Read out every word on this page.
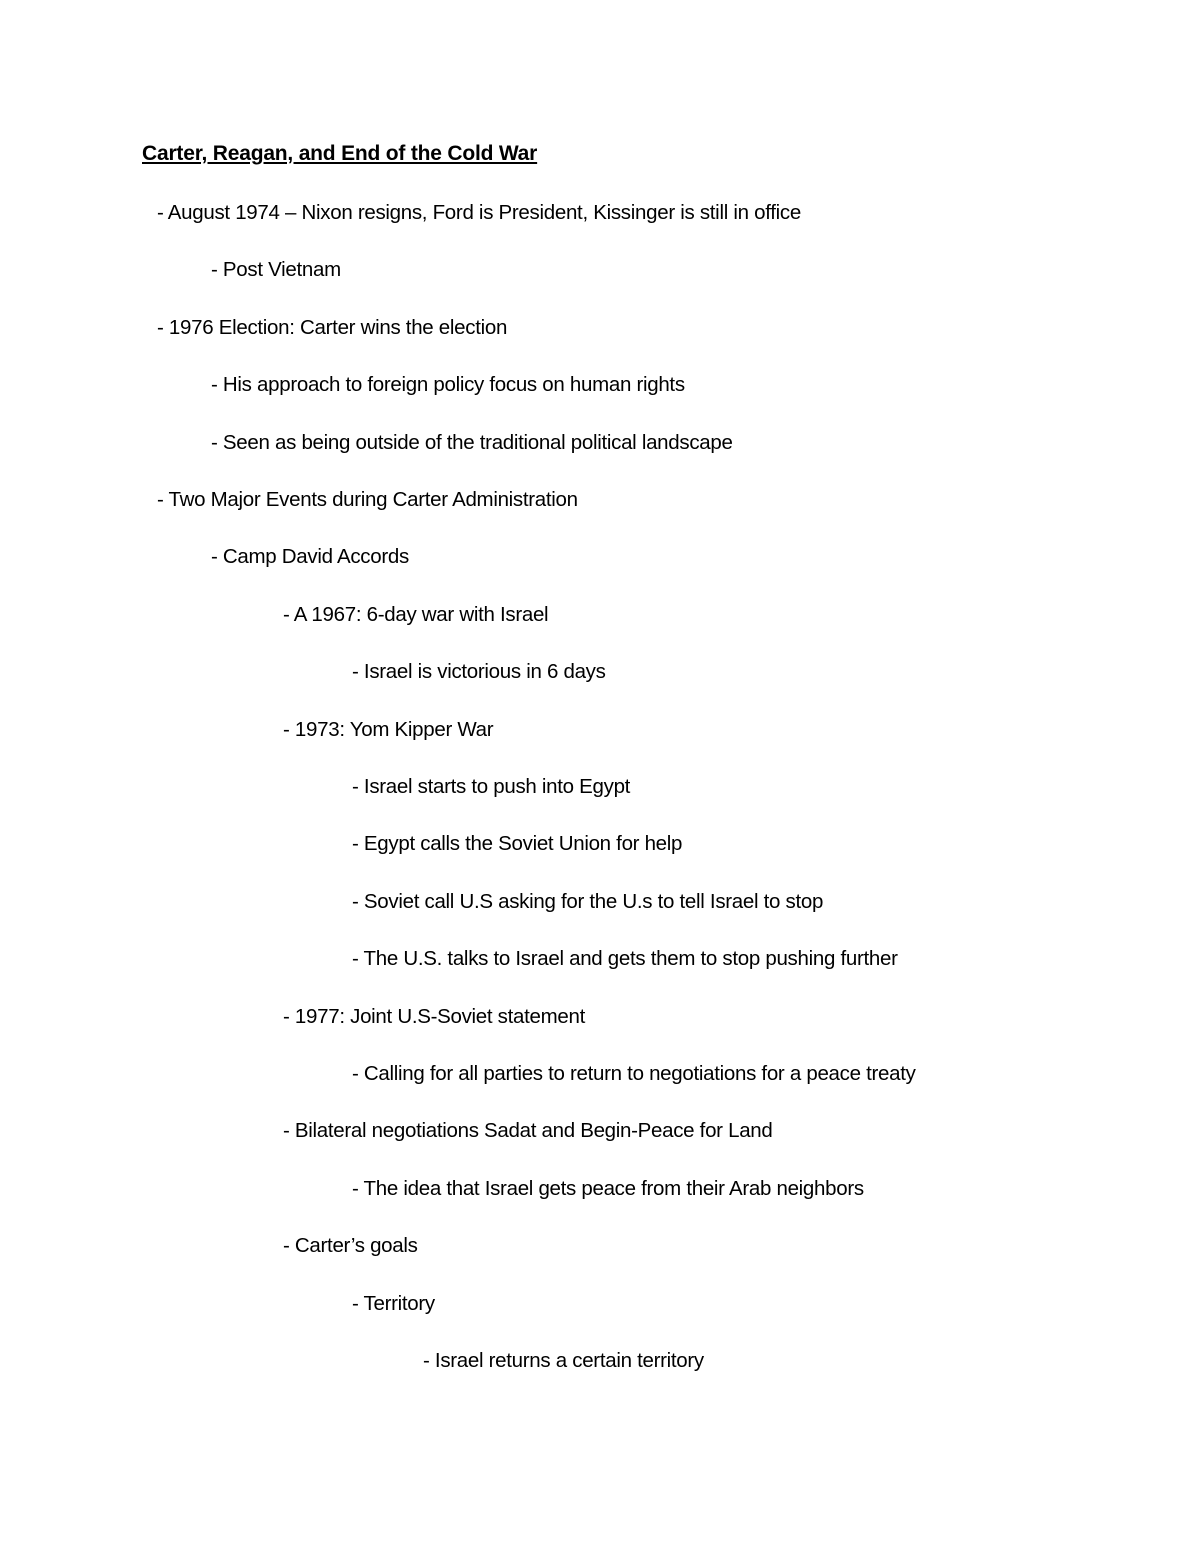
Carter, Reagan, and End of the Cold War
- August 1974 – Nixon resigns, Ford is President, Kissinger is still in office
- Post Vietnam
- 1976 Election: Carter wins the election
- His approach to foreign policy focus on human rights
- Seen as being outside of the traditional political landscape
- Two Major Events during Carter Administration
- Camp David Accords
- A 1967: 6-day war with Israel
- Israel is victorious in 6 days
- 1973: Yom Kipper War
- Israel starts to push into Egypt
- Egypt calls the Soviet Union for help
- Soviet call U.S asking for the U.s to tell Israel to stop
- The U.S. talks to Israel and gets them to stop pushing further
- 1977: Joint U.S-Soviet statement
- Calling for all parties to return to negotiations for a peace treaty
- Bilateral negotiations Sadat and Begin-Peace for Land
- The idea that Israel gets peace from their Arab neighbors
- Carter’s goals
- Territory
- Israel returns a certain territory
